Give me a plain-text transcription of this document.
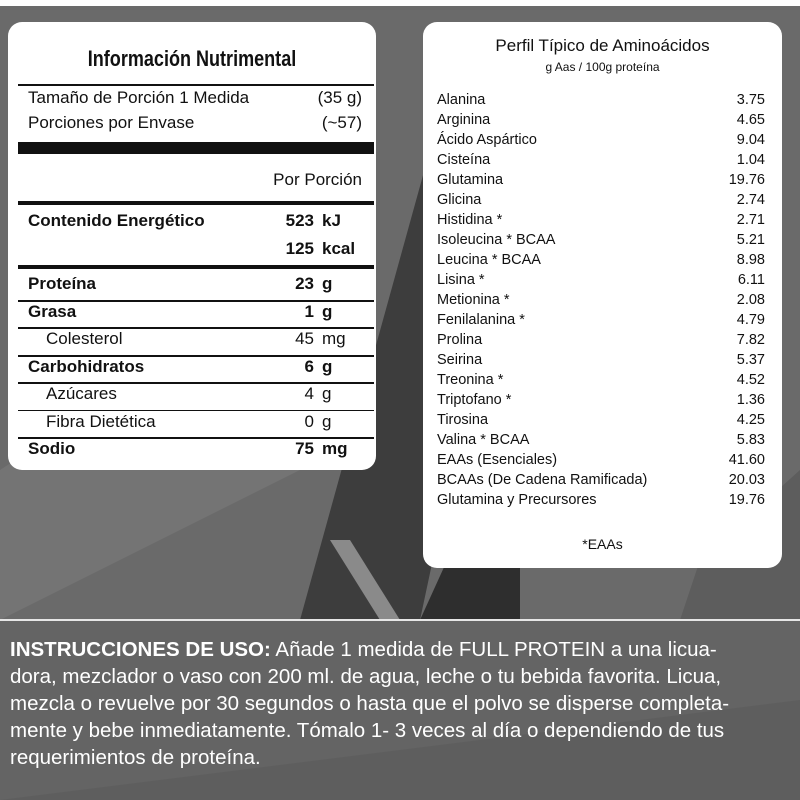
Información Nutrimental
Tamaño de Porción 1 Medida	(35 g)
Porciones por Envase	(~57)
Por Porción
Contenido Energético	523 kJ
125 kcal
Proteína	23 g
Grasa	1 g
Colesterol	45 mg
Carbohidratos	6 g
Azúcares	4 g
Fibra Dietética	0 g
Sodio	75 mg
Perfil Típico de Aminoácidos
g Aas / 100g proteína
Alanina	3.75
Arginina	4.65
Ácido Aspártico	9.04
Cisteína	1.04
Glutamina	19.76
Glicina	2.74
Histidina *	2.71
Isoleucina * BCAA	5.21
Leucina * BCAA	8.98
Lisina *	6.11
Metionina *	2.08
Fenilalanina *	4.79
Prolina	7.82
Seirina	5.37
Treonina *	4.52
Triptofano *	1.36
Tirosina	4.25
Valina * BCAA	5.83
EAAs (Esenciales)	41.60
BCAAs (De Cadena Ramificada)	20.03
Glutamina y Precursores	19.76
*EAAs
INSTRUCCIONES DE USO: Añade 1 medida de FULL PROTEIN a una licua-
dora, mezclador o vaso con 200 ml. de agua, leche o tu bebida favorita. Licua,
mezcla o revuelve por 30 segundos o hasta que el polvo se disperse completa-
mente y bebe inmediatamente. Tómalo 1- 3 veces al día o dependiendo de tus
requerimientos de proteína.
